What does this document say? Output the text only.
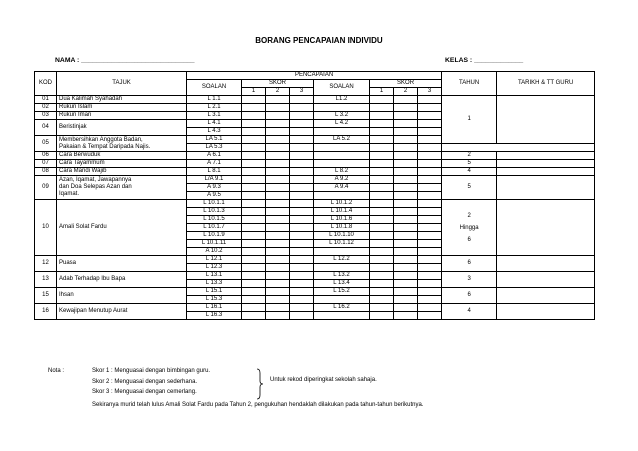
BORANG PENCAPAIAN INDIVIDU
NAMA : ______________________________	KELAS : _____________
KOD	TAJUK	PENCAPAIAN								TAHUN	TARIKH & TT GURU	
		SOALAN	SKOR			SOALAN	SKOR					
			1	2	3		1	2	3			
01	Dua Kalimah Syahadah	L 1.1				L1.2				1		
02	Rukun Islam	L 2.1										
03	Rukun Iman	L 3.1				L 3.2						
04	Beristinjak	L 4.1				L 4.2						
		L 4.3										
05	Membersihkan Anggota Badan,
Pakaian & Tempat Daripada Najis.	LA 5.1				LA 5.2					
		LA 5.3										
06	Cara Berwuduk	A 6.1								2		
07	Cara Tayammum	A 7.1								5		
08	Cara Mandi Wajib	L 8.1				L 8.2				4		
09	Azan, Iqamat, Jawapannya
dan Doa Selepas Azan dan
Iqamat.	L/A 9.1				A 9.2				5		
		A 9.3				A 9.4						
		A 9.5										
10	Amali Solat Fardu	L 10.1.1				L 10.1.2				2
Hingga
6		
		L 10.1.3				L 10.1.4						
		L 10.1.5				L 10.1.6						
		L 10.1.7				L 10.1.8						
		L 10.1.9				L 10.1.10						
		L 10.1.11				L 10.1.12						
		A 10.2										
12	Puasa	L 12.1				L 12.2				6		
		L 12.3										
13	Adab Terhadap Ibu Bapa	L 13.1				L 13.2				3		
		L 13.3				L 13.4						
15	Ihsan	L 15.1				L 15.2				6		
		L 15.3										
16	Kewajipan Menutup Aurat	L 16.1				L 16.2				4		
		L 16.3										
Nota :	Skor 1 : Menguasai dengan bimbingan guru.
Skor 2 : Menguasai dengan sederhana.
Skor 3 : Menguasai dengan cemerlang.
Untuk rekod diperingkat sekolah sahaja.
Sekiranya murid telah lulus Amali Solat Fardu pada Tahun 2, pengukuhan hendaklah dilakukan pada tahun-tahun berikutnya.
